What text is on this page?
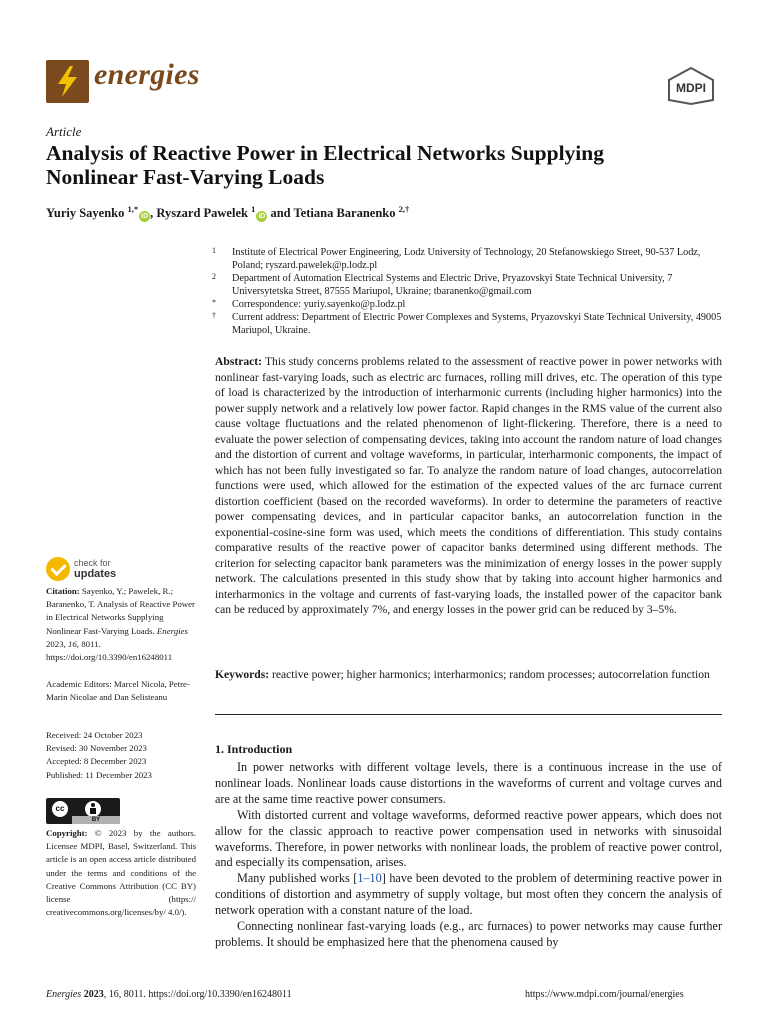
energies	MDPI
Article
Analysis of Reactive Power in Electrical Networks Supplying
Nonlinear Fast-Varying Loads
Yuriy Sayenko $^{1,*}$iD , Ryszard Pawelek $^1$iD and Tetiana Baranenko $^{2,\dagger}$

1 Institute of Electrical Power Engineering, Lodz University of Technology, 20 Stefanowskiego Street, 90-537 Lodz, Poland; ryszard.pawelek@p.lodz.pl

2 Department of Automation Electrical Systems and Electric Drive, Pryazovskyi State Technical University, 7 Universytetska Street, 87555 Mariupol, Ukraine; tbaranenko@gmail.com

* Correspondence: yuriy.sayenko@p.lodz.pl

† Current address: Department of Electric Power Complexes and Systems, Pryazovskyi State Technical University, 49005 Mariupol, Ukraine.

Abstract: This study concerns problems related to the assessment of reactive power in power networks with nonlinear fast-varying loads, such as electric arc furnaces, rolling mill drives, etc. The operation of this type of load is characterized by the introduction of interharmonic currents (including higher harmonics) into the power supply network and a relatively low power factor. Rapid changes in the RMS value of the current also cause voltage fluctuations and the related phenomenon of light-flickering. Therefore, there is a need to evaluate the power selection of compensating devices, taking into account the random nature of load changes and the distortion of current and voltage waveforms, in particular, interharmonic components, the impact of which has not been fully investigated so far. To analyze the random nature of load changes, autocorrelation functions were used, which allowed for the estimation of the expected values of the arc furnace current distortion coefficient (based on the recorded waveforms). In order to determine the parameters of reactive power compensating devices, and in particular capacitor banks, an autocorrelation function in the exponential-cosine-sine form was used, which meets the conditions of differentiation. This study contains comparative results of the reactive power of capacitor banks determined using different methods. The criterion for selecting capacitor bank parameters was the minimization of energy losses in the power supply network. The calculations presented in this study show that by taking into account higher harmonics and interharmonics in the voltage and currents of fast-varying loads, the installed power of the capacitor bank can be reduced by approximately 7%, and energy losses in the power grid can be reduced by 3–5%.
Keywords: reactive power; higher harmonics; interharmonics; random processes; autocorrelation function
1. Introduction

In power networks with different voltage levels, there is a continuous increase in the use of nonlinear loads. Nonlinear loads cause distortions in the waveforms of current and voltage curves and are at the same time reactive power consumers.

With distorted current and voltage waveforms, deformed reactive power appears, which does not allow for the classic approach to reactive power compensation used in networks with sinusoidal waveforms. Therefore, in power networks with nonlinear loads, the problem of reactive power control, and especially its compensation, arises.

Many published works [1–10] have been devoted to the problem of determining reactive power in conditions of distortion and asymmetry of supply voltage, but most often they concern the analysis of network operation with a constant nature of the load.

Connecting nonlinear fast-varying loads (e.g., arc furnaces) to power networks may cause further problems. It should be emphasized here that the phenomena caused by

check for
updates
Citation: Sayenko, Y.; Pawelek, R.; Baranenko, T. Analysis of Reactive Power in Electrical Networks Supplying Nonlinear Fast-Varying Loads. Energies 2023, 16, 8011. https://doi.org/10.3390/en16248011
Academic Editors: Marcel Nicola, Petre-Marin Nicolae and Dan Selisteanu
Received: 24 October 2023
Revised: 30 November 2023
Accepted: 8 December 2023
Published: 11 December 2023
cc
BY
Copyright: © 2023 by the authors. Licensee MDPI, Basel, Switzerland. This article is an open access article distributed under the terms and conditions of the Creative Commons Attribution (CC BY) license (https:// creativecommons.org/licenses/by/ 4.0/).
Energies 2023, 16, 8011. https://doi.org/10.3390/en16248011	https://www.mdpi.com/journal/energies
